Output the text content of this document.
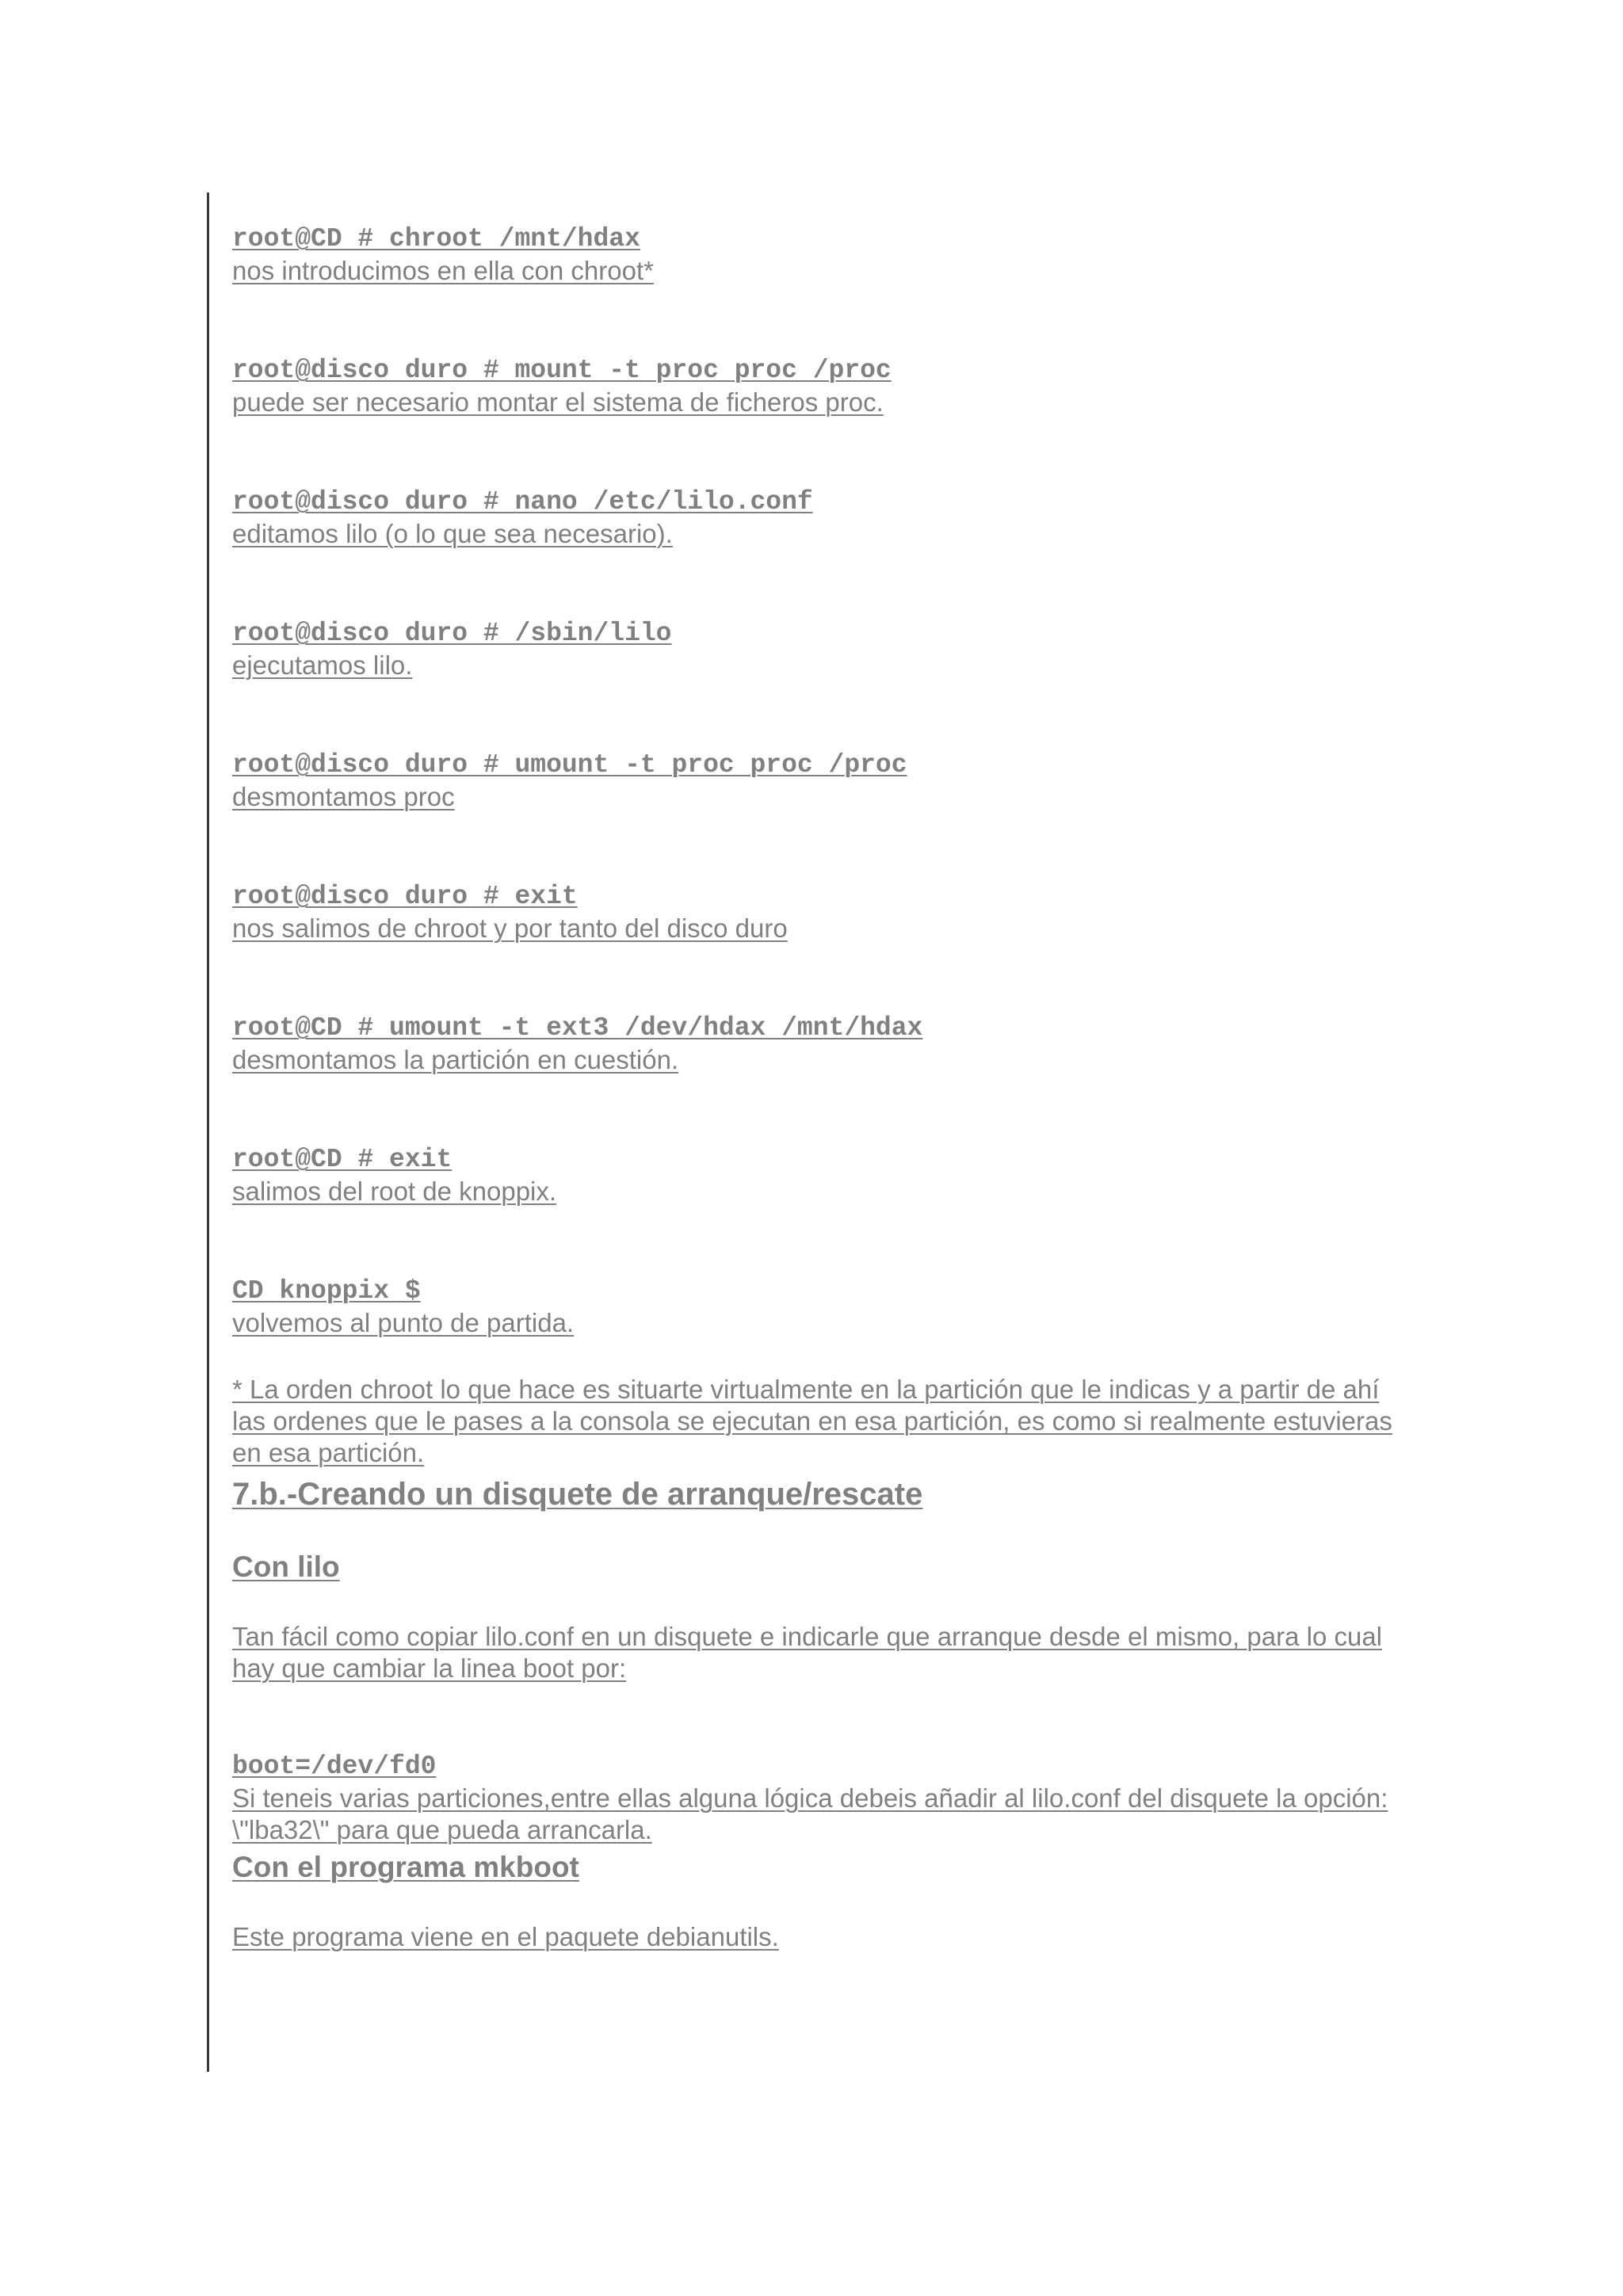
root@CD # chroot /mnt/hdax
nos introducimos en ella con chroot*
root@disco duro # mount -t proc proc /proc
puede ser necesario montar el sistema de ficheros proc.
root@disco duro # nano /etc/lilo.conf
editamos lilo (o lo que sea necesario).
root@disco duro # /sbin/lilo
ejecutamos lilo.
root@disco duro # umount -t proc proc /proc
desmontamos proc
root@disco duro # exit
nos salimos de chroot y por tanto del disco duro
root@CD # umount -t ext3 /dev/hdax /mnt/hdax
desmontamos la partición en cuestión.
root@CD # exit
salimos del root de knoppix.
CD knoppix $
volvemos al punto de partida.

* La orden chroot lo que hace es situarte virtualmente en la partición que le indicas y a partir de ahí las ordenes que le pases a la consola se ejecutan en esa partición, es como si realmente estuvieras en esa partición.

7.b.-Creando un disquete de arranque/rescate
Con lilo

Tan fácil como copiar lilo.conf en un disquete e indicarle que arranque desde el mismo, para lo cual hay que cambiar la linea boot por:

boot=/dev/fd0
Si teneis varias particiones,entre ellas alguna lógica debeis añadir al lilo.conf del disquete la opción: \"lba32\" para que pueda arrancarla.
Con el programa mkboot

Este programa viene en el paquete debianutils.
